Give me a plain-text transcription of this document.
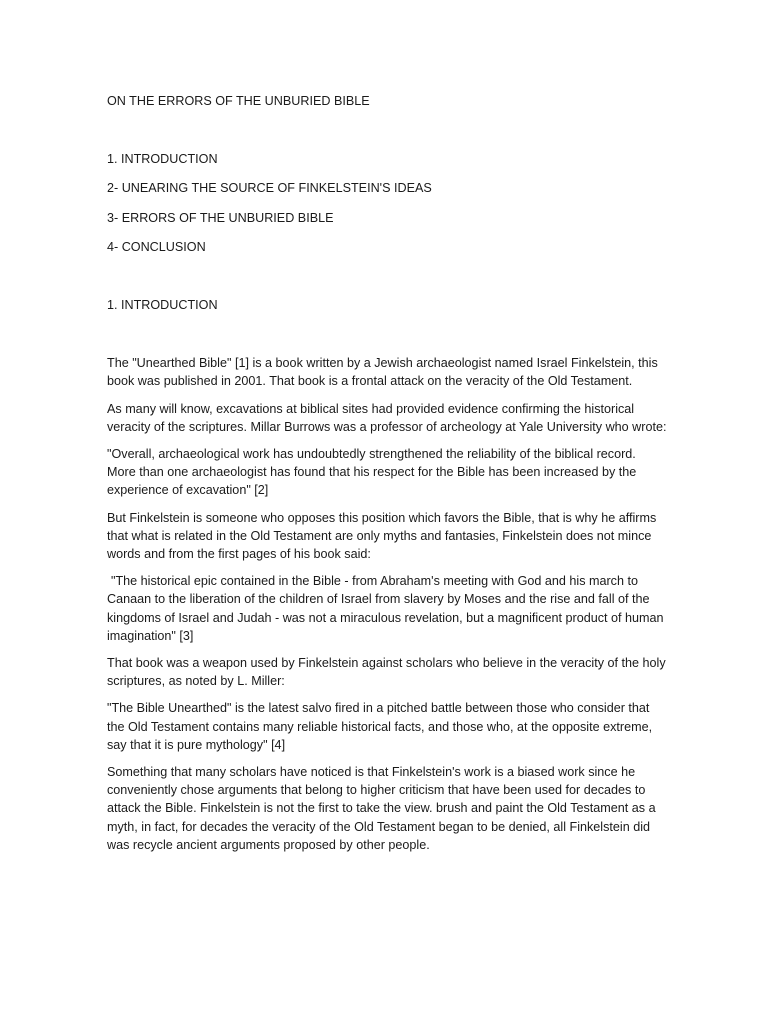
ON THE ERRORS OF THE UNBURIED BIBLE

1. INTRODUCTION

2- UNEARING THE SOURCE OF FINKELSTEIN'S IDEAS

3- ERRORS OF THE UNBURIED BIBLE

4- CONCLUSION

1. INTRODUCTION

The "Unearthed Bible" [1] is a book written by a Jewish archaeologist named Israel Finkelstein, this book was published in 2001. That book is a frontal attack on the veracity of the Old Testament.

As many will know, excavations at biblical sites had provided evidence confirming the historical veracity of the scriptures. Millar Burrows was a professor of archeology at Yale University who wrote:

"Overall, archaeological work has undoubtedly strengthened the reliability of the biblical record. More than one archaeologist has found that his respect for the Bible has been increased by the experience of excavation" [2]

But Finkelstein is someone who opposes this position which favors the Bible, that is why he affirms that what is related in the Old Testament are only myths and fantasies, Finkelstein does not mince words and from the first pages of his book said:

"The historical epic contained in the Bible - from Abraham's meeting with God and his march to Canaan to the liberation of the children of Israel from slavery by Moses and the rise and fall of the kingdoms of Israel and Judah - was not a miraculous revelation, but a magnificent product of human imagination" [3]

That book was a weapon used by Finkelstein against scholars who believe in the veracity of the holy scriptures, as noted by L. Miller:

"The Bible Unearthed" is the latest salvo fired in a pitched battle between those who consider that the Old Testament contains many reliable historical facts, and those who, at the opposite extreme, say that it is pure mythology" [4]

Something that many scholars have noticed is that Finkelstein's work is a biased work since he conveniently chose arguments that belong to higher criticism that have been used for decades to attack the Bible. Finkelstein is not the first to take the view. brush and paint the Old Testament as a myth, in fact, for decades the veracity of the Old Testament began to be denied, all Finkelstein did was recycle ancient arguments proposed by other people.
